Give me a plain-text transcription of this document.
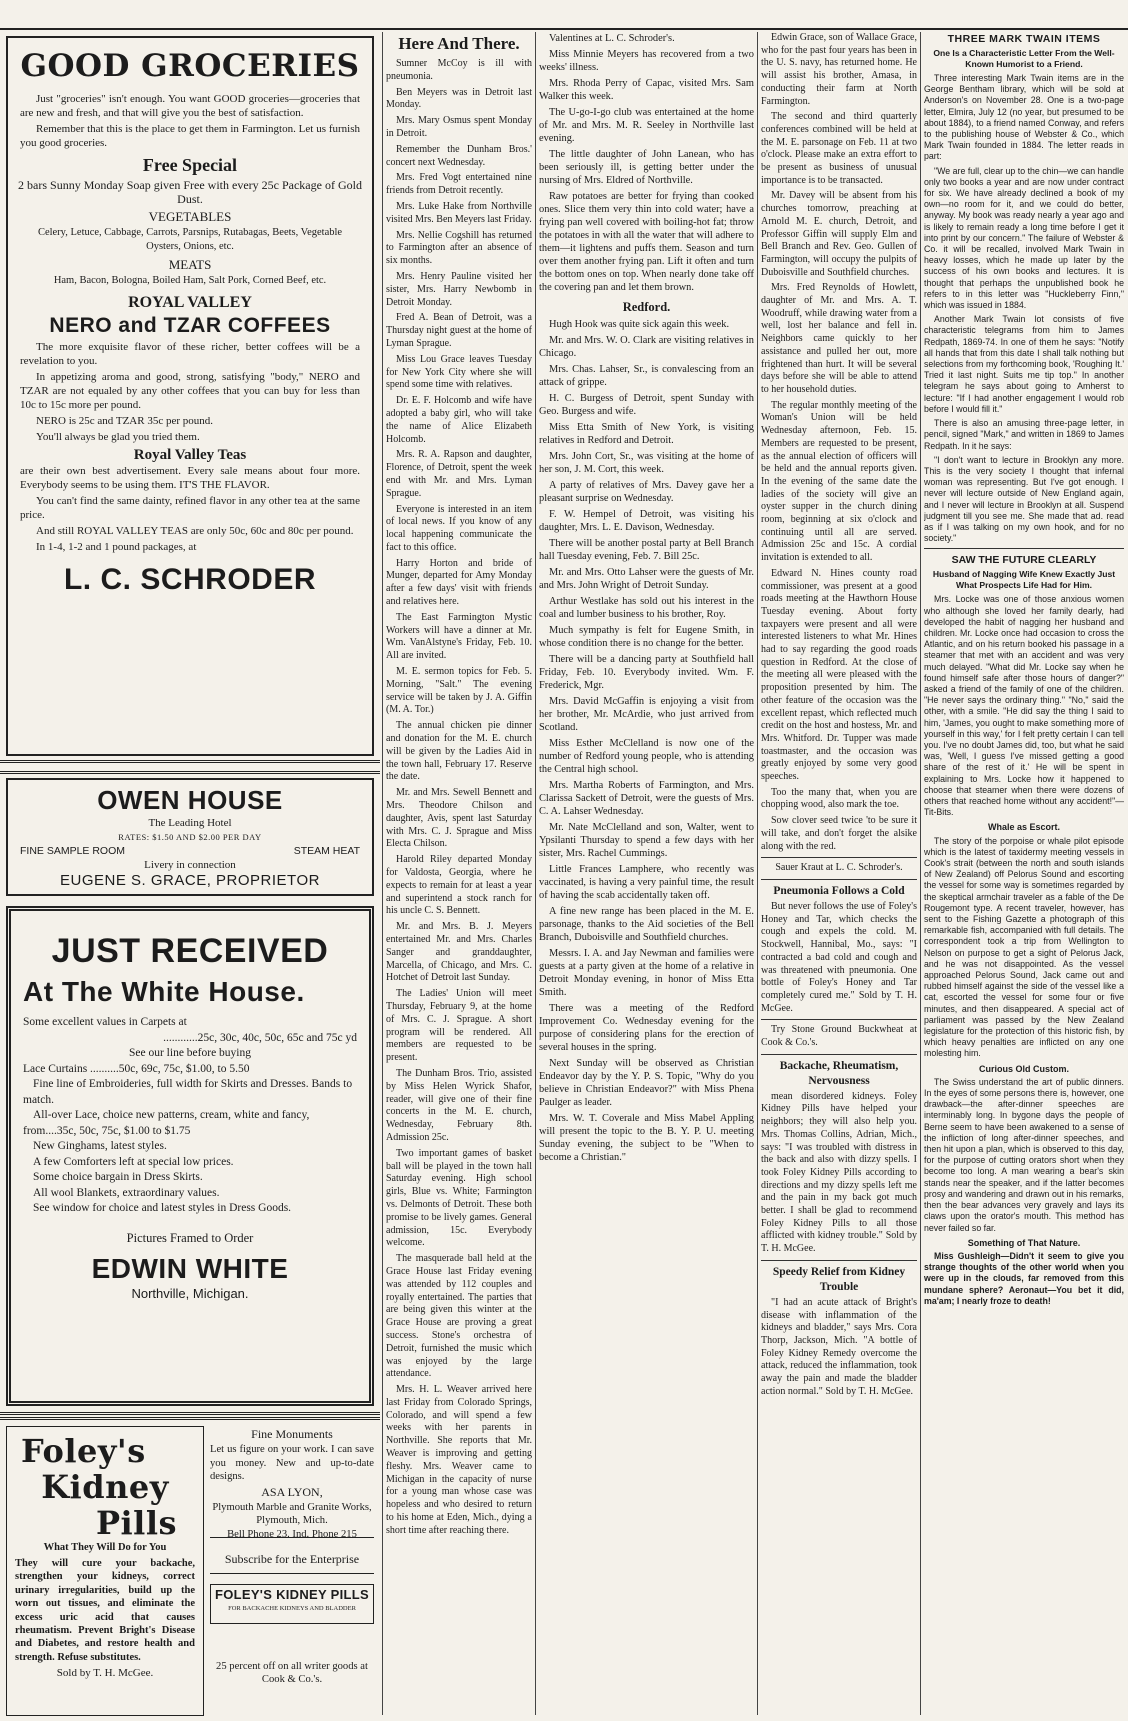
GOOD GROCERIES

Just "groceries" isn't enough. You want GOOD groceries—groceries that are new and fresh, and that will give you the best of satisfaction.

Remember that this is the place to get them in Farmington. Let us furnish you good groceries.

Free Special
2 bars Sunny Monday Soap given Free with every 25c Package of Gold Dust.
VEGETABLES
Celery, Letuce, Cabbage, Carrots, Parsnips, Rutabagas, Beets, Vegetable Oysters, Onions, etc.
MEATS
Ham, Bacon, Bologna, Boiled Ham, Salt Pork, Corned Beef, etc.
ROYAL VALLEY
NERO and TZAR COFFEES

The more exquisite flavor of these richer, better coffees will be a revelation to you.

In appetizing aroma and good, strong, satisfying "body," NERO and TZAR are not equaled by any other coffees that you can buy for less than 10c to 15c more per pound.

NERO is 25c and TZAR 35c per pound.

You'll always be glad you tried them.

Royal Valley Teas

are their own best advertisement. Every sale means about four more. Everybody seems to be using them. IT'S THE FLAVOR.

You can't find the same dainty, refined flavor in any other tea at the same price.

And still ROYAL VALLEY TEAS are only 50c, 60c and 80c per pound.

In 1-4, 1-2 and 1 pound packages, at

L. C. SCHRODER
OWEN HOUSE
The Leading Hotel
RATES: $1.50 AND $2.00 PER DAY
FINE SAMPLE ROOM	STEAM HEAT
Livery in connection
EUGENE S. GRACE, PROPRIETOR
JUST RECEIVED
At The White House.
Some excellent values in Carpets at
............25c, 30c, 40c, 50c, 65c and 75c yd
See our line before buying
Lace Curtains ..........50c, 69c, 75c, $1.00, to 5.50
Fine line of Embroideries, full width for Skirts and Dresses. Bands to match.
All-over Lace, choice new patterns, cream, white and fancy, from....35c, 50c, 75c, $1.00 to $1.75
New Ginghams, latest styles.
A few Comforters left at special low prices.
Some choice bargain in Dress Skirts.
All wool Blankets, extraordinary values.
See window for choice and latest styles in Dress Goods.
Pictures Framed to Order
EDWIN WHITE
Northville, Michigan.
Foley's
Kidney
Pills
What They Will Do for You

They will cure your backache, strengthen your kidneys, correct urinary irregularities, build up the worn out tissues, and eliminate the excess uric acid that causes rheumatism. Prevent Bright's Disease and Diabetes, and restore health and strength. Refuse substitutes.

Sold by T. H. McGee.
Fine Monuments
Let us figure on your work. I can save you money. New and up-to-date designs.
ASA LYON,
Plymouth Marble and Granite Works, Plymouth, Mich.
Bell Phone 23. Ind. Phone 215
Subscribe for the Enterprise
FOLEY'S KIDNEY PILLS
FOR BACKACHE KIDNEYS AND BLADDER
25 percent off on all writer goods at Cook & Co.'s.
Here And There.

Sumner McCoy is ill with pneumonia.

Ben Meyers was in Detroit last Monday.

Mrs. Mary Osmus spent Monday in Detroit.

Remember the Dunham Bros.' concert next Wednesday.

Mrs. Fred Vogt entertained nine friends from Detroit recently.

Mrs. Luke Hake from Northville visited Mrs. Ben Meyers last Friday.

Mrs. Nellie Cogshill has returned to Farmington after an absence of six months.

Mrs. Henry Pauline visited her sister, Mrs. Harry Newbomb in Detroit Monday.

Fred A. Bean of Detroit, was a Thursday night guest at the home of Lyman Sprague.

Miss Lou Grace leaves Tuesday for New York City where she will spend some time with relatives.

Dr. E. F. Holcomb and wife have adopted a baby girl, who will take the name of Alice Elizabeth Holcomb.

Mrs. R. A. Rapson and daughter, Florence, of Detroit, spent the week end with Mr. and Mrs. Lyman Sprague.

Everyone is interested in an item of local news. If you know of any local happening communicate the fact to this office.

Harry Horton and bride of Munger, departed for Amy Monday after a few days' visit with friends and relatives here.

The East Farmington Mystic Workers will have a dinner at Mr. Wm. VanAlstyne's Friday, Feb. 10. All are invited.

M. E. sermon topics for Feb. 5. Morning, "Salt." The evening service will be taken by J. A. Giffin (M. A. Tor.)

The annual chicken pie dinner and donation for the M. E. church will be given by the Ladies Aid in the town hall, February 17. Reserve the date.

Mr. and Mrs. Sewell Bennett and Mrs. Theodore Chilson and daughter, Avis, spent last Saturday with Mrs. C. J. Sprague and Miss Electa Chilson.

Harold Riley departed Monday for Valdosta, Georgia, where he expects to remain for at least a year and superintend a stock ranch for his uncle C. S. Bennett.

Mr. and Mrs. B. J. Meyers entertained Mr. and Mrs. Charles Sanger and granddaughter, Marcella, of Chicago, and Mrs. C. Hotchet of Detroit last Sunday.

The Ladies' Union will meet Thursday, February 9, at the home of Mrs. C. J. Sprague. A short program will be rendered. All members are requested to be present.

The Dunham Bros. Trio, assisted by Miss Helen Wyrick Shafor, reader, will give one of their fine concerts in the M. E. church, Wednesday, February 8th. Admission 25c.

Two important games of basket ball will be played in the town hall Saturday evening. High school girls, Blue vs. White; Farmington vs. Delmonts of Detroit. These both promise to be lively games. General admission, 15c. Everybody welcome.

The masquerade ball held at the Grace House last Friday evening was attended by 112 couples and royally entertained. The parties that are being given this winter at the Grace House are proving a great success. Stone's orchestra of Detroit, furnished the music which was enjoyed by the large attendance.

Mrs. H. L. Weaver arrived here last Friday from Colorado Springs, Colorado, and will spend a few weeks with her parents in Northville. She reports that Mr. Weaver is improving and getting fleshy. Mrs. Weaver came to Michigan in the capacity of nurse for a young man whose case was hopeless and who desired to return to his home at Eden, Mich., dying a short time after reaching there.

Valentines at L. C. Schroder's.

Miss Minnie Meyers has recovered from a two weeks' illness.

Mrs. Rhoda Perry of Capac, visited Mrs. Sam Walker this week.

The U-go-I-go club was entertained at the home of Mr. and Mrs. M. R. Seeley in Northville last evening.

The little daughter of John Lanean, who has been seriously ill, is getting better under the nursing of Mrs. Eldred of Northville.

Raw potatoes are better for frying than cooked ones. Slice them very thin into cold water; have a frying pan well covered with boiling-hot fat; throw the potatoes in with all the water that will adhere to them—it lightens and puffs them. Season and turn over them another frying pan. Lift it often and turn the bottom ones on top. When nearly done take off the covering pan and let them brown.

Redford.

Hugh Hook was quite sick again this week.

Mr. and Mrs. W. O. Clark are visiting relatives in Chicago.

Mrs. Chas. Lahser, Sr., is convalescing from an attack of grippe.

H. C. Burgess of Detroit, spent Sunday with Geo. Burgess and wife.

Miss Etta Smith of New York, is visiting relatives in Redford and Detroit.

Mrs. John Cort, Sr., was visiting at the home of her son, J. M. Cort, this week.

A party of relatives of Mrs. Davey gave her a pleasant surprise on Wednesday.

F. W. Hempel of Detroit, was visiting his daughter, Mrs. L. E. Davison, Wednesday.

There will be another postal party at Bell Branch hall Tuesday evening, Feb. 7. Bill 25c.

Mr. and Mrs. Otto Lahser were the guests of Mr. and Mrs. John Wright of Detroit Sunday.

Arthur Westlake has sold out his interest in the coal and lumber business to his brother, Roy.

Much sympathy is felt for Eugene Smith, in whose condition there is no change for the better.

There will be a dancing party at Southfield hall Friday, Feb. 10. Everybody invited. Wm. F. Frederick, Mgr.

Mrs. David McGaffin is enjoying a visit from her brother, Mr. McArdie, who just arrived from Scotland.

Miss Esther McClelland is now one of the number of Redford young people, who is attending the Central high school.

Mrs. Martha Roberts of Farmington, and Mrs. Clarissa Sackett of Detroit, were the guests of Mrs. C. A. Lahser Wednesday.

Mr. Nate McClelland and son, Walter, went to Ypsilanti Thursday to spend a few days with her sister, Mrs. Rachel Cummings.

Little Frances Lamphere, who recently was vaccinated, is having a very painful time, the result of having the scab accidentally taken off.

A fine new range has been placed in the M. E. parsonage, thanks to the Aid societies of the Bell Branch, Duboisville and Southfield churches.

Messrs. I. A. and Jay Newman and families were guests at a party given at the home of a relative in Detroit Monday evening, in honor of Miss Etta Smith.

There was a meeting of the Redford Improvement Co. Wednesday evening for the purpose of considering plans for the erection of several houses in the spring.

Next Sunday will be observed as Christian Endeavor day by the Y. P. S. Topic, "Why do you believe in Christian Endeavor?" with Miss Phena Paulger as leader.

Mrs. W. T. Coverale and Miss Mabel Appling will present the topic to the B. Y. P. U. meeting Sunday evening, the subject to be "When to become a Christian."

Edwin Grace, son of Wallace Grace, who for the past four years has been in the U. S. navy, has returned home. He will assist his brother, Amasa, in conducting their farm at North Farmington.

The second and third quarterly conferences combined will be held at the M. E. parsonage on Feb. 11 at two o'clock. Please make an extra effort to be present as business of unusual importance is to be transacted.

Mr. Davey will be absent from his churches tomorrow, preaching at Arnold M. E. church, Detroit, and Professor Giffin will supply Elm and Bell Branch and Rev. Geo. Gullen of Farmington, will occupy the pulpits of Duboisville and Southfield churches.

Mrs. Fred Reynolds of Howlett, daughter of Mr. and Mrs. A. T. Woodruff, while drawing water from a well, lost her balance and fell in. Neighbors came quickly to her assistance and pulled her out, more frightened than hurt. It will be several days before she will be able to attend to her household duties.

The regular monthly meeting of the Woman's Union will be held Wednesday afternoon, Feb. 15. Members are requested to be present, as the annual election of officers will be held and the annual reports given. In the evening of the same date the ladies of the society will give an oyster supper in the church dining room, beginning at six o'clock and continuing until all are served. Admission 25c and 15c. A cordial invitation is extended to all.

Edward N. Hines county road commissioner, was present at a good roads meeting at the Hawthorn House Tuesday evening. About forty taxpayers were present and all were interested listeners to what Mr. Hines had to say regarding the good roads question in Redford. At the close of the meeting all were pleased with the proposition presented by him. The other feature of the occasion was the excellent repast, which reflected much credit on the host and hostess, Mr. and Mrs. Whitford. Dr. Tupper was made toastmaster, and the occasion was greatly enjoyed by some very good speeches.

Too the many that, when you are chopping wood, also mark the toe.

Sow clover seed twice 'to be sure it will take, and don't forget the alsike along with the red.

Sauer Kraut at L. C. Schroder's.
Pneumonia Follows a Cold

But never follows the use of Foley's Honey and Tar, which checks the cough and expels the cold. M. Stockwell, Hannibal, Mo., says: "I contracted a bad cold and cough and was threatened with pneumonia. One bottle of Foley's Honey and Tar completely cured me." Sold by T. H. McGee.

Try Stone Ground Buckwheat at Cook & Co.'s.

Backache, Rheumatism, Nervousness

mean disordered kidneys. Foley Kidney Pills have helped your neighbors; they will also help you. Mrs. Thomas Collins, Adrian, Mich., says: "I was troubled with distress in the back and also with dizzy spells. I took Foley Kidney Pills according to directions and my dizzy spells left me and the pain in my back got much better. I shall be glad to recommend Foley Kidney Pills to all those afflicted with kidney trouble." Sold by T. H. McGee.

Speedy Relief from Kidney Trouble

"I had an acute attack of Bright's disease with inflammation of the kidneys and bladder," says Mrs. Cora Thorp, Jackson, Mich. "A bottle of Foley Kidney Remedy overcome the attack, reduced the inflammation, took away the pain and made the bladder action normal." Sold by T. H. McGee.

THREE MARK TWAIN ITEMS
One Is a Characteristic Letter From the Well-Known Humorist to a Friend.

Three interesting Mark Twain items are in the George Bentham library, which will be sold at Anderson's on November 28. One is a two-page letter, Elmira, July 12 (no year, but presumed to be about 1884), to a friend named Conway, and refers to the publishing house of Webster & Co., which Mark Twain founded in 1884. The letter reads in part:

"We are full, clear up to the chin—we can handle only two books a year and are now under contract for six. We have already declined a book of my own—no room for it, and we could do better, anyway. My book was ready nearly a year ago and is likely to remain ready a long time before I get it into print by our concern." The failure of Webster & Co. it will be recalled, involved Mark Twain in heavy losses, which he made up later by the success of his own books and lectures. It is thought that perhaps the unpublished book he refers to in this letter was "Huckleberry Finn," which was issued in 1884.

Another Mark Twain lot consists of five characteristic telegrams from him to James Redpath, 1869-74. In one of them he says: "Notify all hands that from this date I shall talk nothing but selections from my forthcoming book, 'Roughing It.' Tried it last night. Suits me tip top." In another telegram he says about going to Amherst to lecture: "If I had another engagement I would rob before I would fill it."

There is also an amusing three-page letter, in pencil, signed "Mark," and written in 1869 to James Redpath. In it he says:

"I don't want to lecture in Brooklyn any more. This is the very society I thought that infernal woman was representing. But I've got enough. I never will lecture outside of New England again, and I never will lecture in Brooklyn at all. Suspend judgment till you see me. She made that ad. read as if I was talking on my own hook, and for no society."

SAW THE FUTURE CLEARLY
Husband of Nagging Wife Knew Exactly Just What Prospects Life Had for Him.

Mrs. Locke was one of those anxious women who although she loved her family dearly, had developed the habit of nagging her husband and children. Mr. Locke once had occasion to cross the Atlantic, and on his return booked his passage in a steamer that met with an accident and was very much delayed. "What did Mr. Locke say when he found himself safe after those hours of danger?" asked a friend of the family of one of the children. "He never says the ordinary thing." "No," said the other, with a smile. "He did say the thing I said to him, 'James, you ought to make something more of yourself in this way,' for I felt pretty certain I can tell you. I've no doubt James did, too, but what he said was, 'Well, I guess I've missed getting a good share of the rest of it.' He will be spent in explaining to Mrs. Locke how it happened to choose that steamer when there were dozens of others that reached home without any accident!"—Tit-Bits.

Whale as Escort.

The story of the porpoise or whale pilot episode which is the latest of taxidermy meeting vessels in Cook's strait (between the north and south islands of New Zealand) off Pelorus Sound and escorting the vessel for some way is sometimes regarded by the skeptical armchair traveler as a fable of the De Rougemont type. A recent traveler, however, has sent to the Fishing Gazette a photograph of this remarkable fish, accompanied with full details. The correspondent took a trip from Wellington to Nelson on purpose to get a sight of Pelorus Jack, and he was not disappointed. As the vessel approached Pelorus Sound, Jack came out and rubbed himself against the side of the vessel like a cat, escorted the vessel for some four or five minutes, and then disappeared. A special act of parliament was passed by the New Zealand legislature for the protection of this historic fish, by which heavy penalties are inflicted on any one molesting him.

Curious Old Custom.

The Swiss understand the art of public dinners. In the eyes of some persons there is, however, one drawback—the after-dinner speeches are interminably long. In bygone days the people of Berne seem to have been awakened to a sense of the infliction of long after-dinner speeches, and then hit upon a plan, which is observed to this day, for the purpose of cutting orators short when they become too long. A man wearing a bear's skin stands near the speaker, and if the latter becomes prosy and wandering and drawn out in his remarks, then the bear advances very gravely and lays its claws upon the orator's mouth. This method has never failed so far.

Something of That Nature.

Miss Gushleigh—Didn't it seem to give you strange thoughts of the other world when you were up in the clouds, far removed from this mundane sphere? Aeronaut—You bet it did, ma'am; I nearly froze to death!
